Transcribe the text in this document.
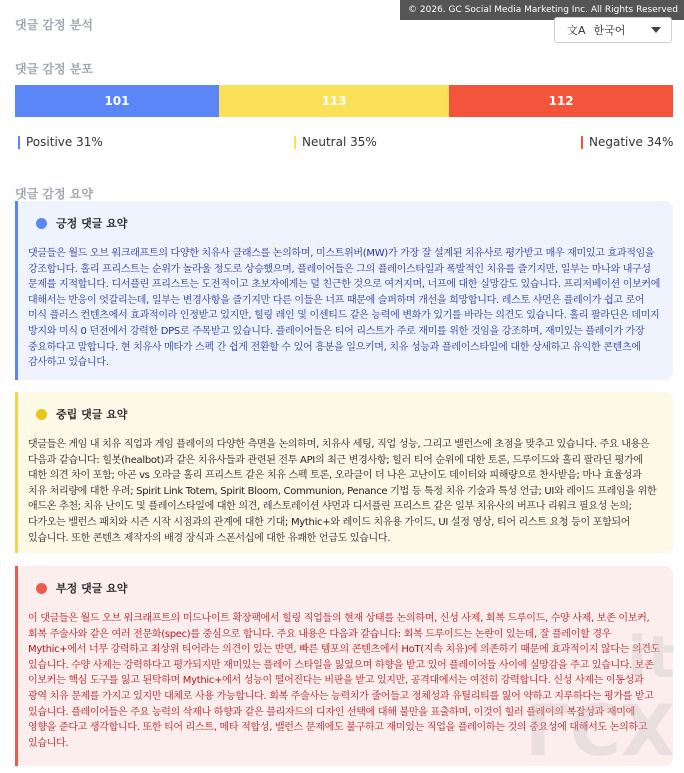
© 2026. GC Social Media Marketing Inc. All Rights Reserved
댓글 감정 분석	文A 한국어
댓글 감정 분포
101	113	112
Positive 31%	Neutral 35%	Negative 34%
댓글 감정 요약
긍정 댓글 요약

댓글들은 월드 오브 워크래프트의 다양한 치유사 클래스를 논의하며, 미스트위버(MW)가 가장 잘 설계된 치유사로 평가받고 매우 재미있고 효과적임을 강조합니다. 홀리 프리스트는 순위가 놀라울 정도로 상승했으며, 플레이어들은 그의 플레이스타일과 폭발적인 치유를 즐기지만, 일부는 마나와 내구성 문제를 지적합니다. 디서플린 프리스트는 도전적이고 초보자에게는 덜 친근한 것으로 여겨지며, 너프에 대한 실망감도 있습니다. 프리저베이션 이보커에 대해서는 반응이 엇갈리는데, 일부는 변경사항을 즐기지만 다른 이들은 너프 때문에 슬퍼하며 개선을 희망합니다. 레스토 샤먼은 플레이가 쉽고 로어 미식 플러스 컨텐츠에서 효과적이라 인정받고 있지만, 힐링 레인 및 이센티드 같은 능력에 변화가 있기를 바라는 의견도 있습니다. 홀리 팔라딘은 데미지 방지와 미식 0 던전에서 강력한 DPS로 주목받고 있습니다. 플레이어들은 티어 리스트가 주로 재미를 위한 것임을 강조하며, 재미있는 플레이가 가장 중요하다고 말합니다. 현 치유사 메타가 스펙 간 쉽게 전환할 수 있어 흥분을 일으키며, 치유 성능과 플레이스타일에 대한 상세하고 유익한 콘텐츠에 감사하고 있습니다.

중립 댓글 요약

댓글들은 게임 내 치유 직업과 게임 플레이의 다양한 측면을 논의하며, 치유사 세팅, 직업 성능, 그리고 밸런스에 초점을 맞추고 있습니다. 주요 내용은 다음과 같습니다: 힐봇(healbot)과 같은 치유사들과 관련된 전투 API의 최근 변경사항; 힐러 티어 순위에 대한 토론, 드루이드와 홀리 팔라딘 평가에 대한 의견 차이 포함; 아곤 vs 오라클 홀리 프리스트 같은 치유 스펙 토론, 오라클이 더 나은 고난이도 데이터와 피해량으로 찬사받음; 마나 효율성과 치유 처리량에 대한 우려; Spirit Link Totem, Spirit Bloom, Communion, Penance 기법 등 특정 치유 기술과 특성 언급; UI와 레이드 프레임을 위한 애드온 추천; 치유 난이도 및 플레이스타일에 대한 의견, 레스토레이션 샤먼과 디서플린 프리스트 같은 일부 치유사의 버프나 리워크 필요성 논의; 다가오는 밸런스 패치와 시즌 시작 시점과의 관계에 대한 기대; Mythic+와 레이드 치유용 가이드, UI 설정 영상, 티어 리스트 요청 등이 포함되어 있습니다. 또한 콘텐츠 제작자의 배경 장식과 스폰서십에 대한 유쾌한 언급도 있습니다.

부정 댓글 요약

이 댓글들은 월드 오브 워크래프트의 미드나이트 확장팩에서 힐링 직업들의 현재 상태를 논의하며, 신성 사제, 회복 드루이드, 수양 사제, 보존 이보커, 회복 주술사와 같은 여러 전문화(spec)를 중심으로 합니다. 주요 내용은 다음과 같습니다: 회복 드루이드는 논란이 있는데, 잘 플레이할 경우 Mythic+에서 너무 강력하고 최상위 티어라는 의견이 있는 반면, 빠른 템포의 콘텐츠에서 HoT(지속 치유)에 의존하기 때문에 효과적이지 않다는 의견도 있습니다. 수양 사제는 강력하다고 평가되지만 재미있는 플레이 스타일을 잃었으며 하향을 받고 있어 플레이어들 사이에 실망감을 주고 있습니다. 보존 이보커는 핵심 도구를 잃고 된탁하며 Mythic+에서 성능이 떨어진다는 비판을 받고 있지만, 공격대에서는 여전히 강력합니다. 신성 사제는 이동성과 광역 치유 문제를 가지고 있지만 대체로 사용 가능합니다. 회복 주술사는 능력치가 줄어들고 정체성과 유틸리티를 잃어 약하고 지루하다는 평가를 받고 있습니다. 플레이어들은 주요 능력의 삭제나 하향과 같은 블리자드의 디자인 선택에 대해 불만을 표출하며, 이것이 힐러 플레이의 복잡성과 재미에 영향을 준다고 생각합니다. 또한 티어 리스트, 메타 적합성, 밸런스 문제에도 불구하고 재미있는 직업을 플레이하는 것의 중요성에 대해서도 논의하고 있습니다.

it
ГСХ
